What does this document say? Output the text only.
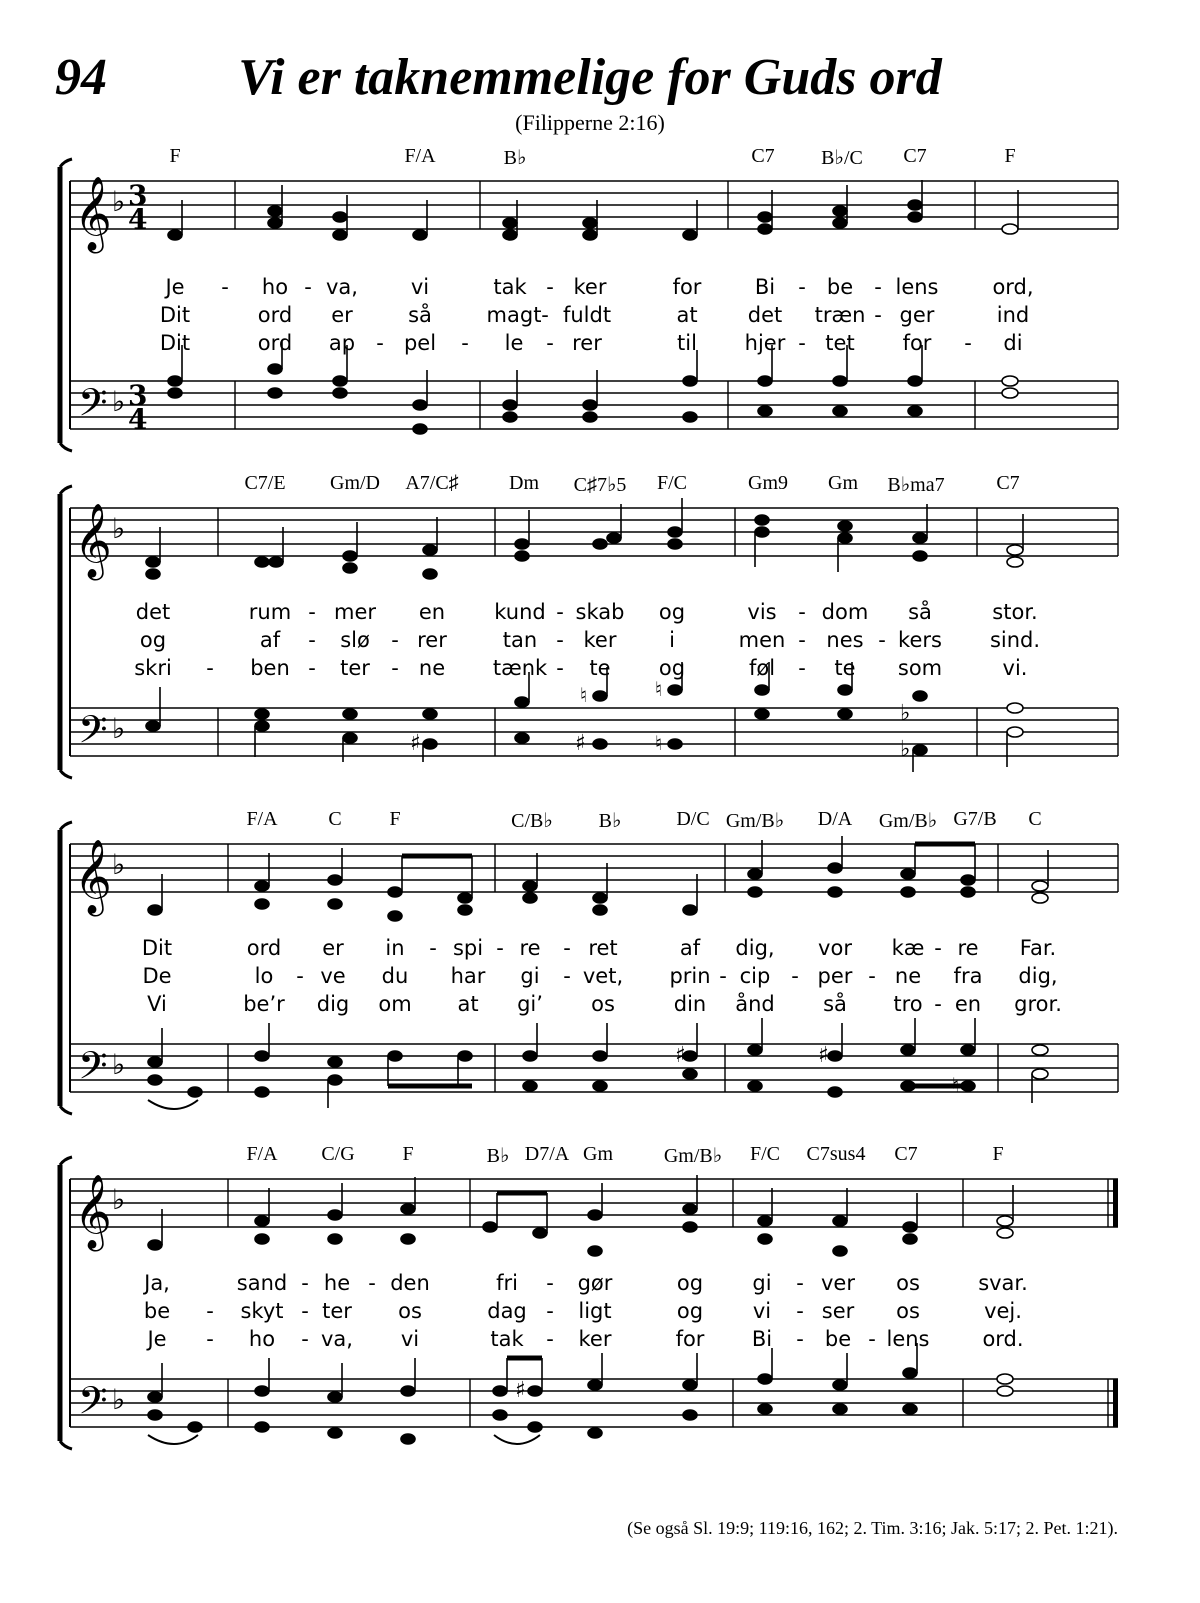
94	Vi er taknemmelige for Guds ord
(Filipperne 2:16)
𝄞
𝄢
♭
♭
3
4
3
4
F	F/A	B♭	C7 B♭/C C7	F
Je - ho - va,	vi	tak - ker	for	Bi - be - lens	ord,
Dit	ord er	så	magt - fuldt	at det træn - ger	ind
Dit	ord ap - pel - le - rer	til hjer - tet for - di
𝄞
𝄢
♭
♭	♯
♯
♮	♮
♮
♭
♭
C7/E Gm/D A7/C♯	Dm C♯7♭5 F/C	Gm9 Gm B♭ma7	C7
det	rum - mer en kund - skab og	vis - dom så	stor.
og	af - slø - rer	tan - ker	i	men - nes - kers sind.
skri - ben - ter - ne tænk - te og	føl - te som	vi.
𝄞
𝄢
♭
♭	♯	♯
♮
F/A	C F	C/B♭ B♭	D/C Gm/B♭ D/A Gm/B♭ G7/B C
Dit	ord er in - spi - re - ret	af dig, vor kæ - re Far.
De	lo - ve du har gi - vet, prin - cip - per - ne fra dig,
Vi	be’r dig om at gi’ os	din ånd så tro - en gror.
𝄞
𝄢
♭
♭	♯
F/A C/G F	B♭ D7/A Gm	Gm/B♭ F/C C7sus4 C7	F
Ja,	sand - he - den	fri - gør	og gi - ver os	svar.
be - skyt - ter os	dag - ligt	og vi - ser os	vej.
Je - ho - va, vi	tak - ker	for Bi - be - lens	ord.
(Se også Sl. 19:9; 119:16, 162; 2. Tim. 3:16; Jak. 5:17; 2. Pet. 1:21).
